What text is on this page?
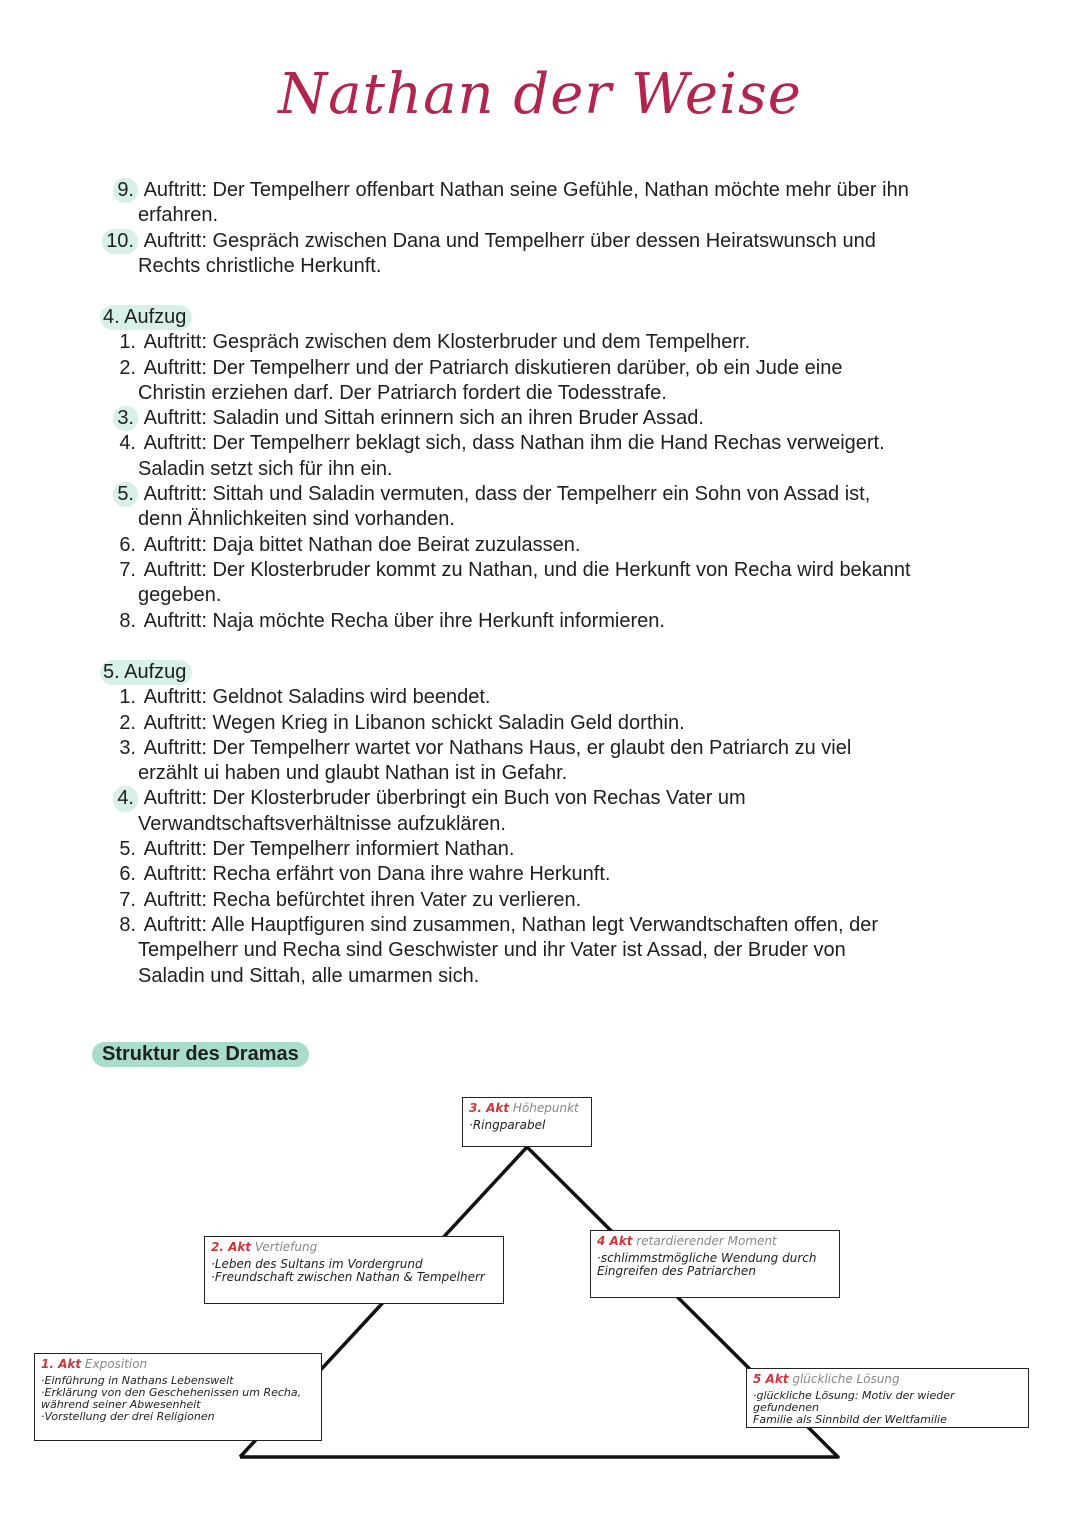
Nathan der Weise
9. Auftritt: Der Tempelherr offenbart Nathan seine Gefühle, Nathan möchte mehr über ihn
erfahren.
10. Auftritt: Gespräch zwischen Dana und Tempelherr über dessen Heiratswunsch und
Rechts christliche Herkunft.
4. Aufzug
1. Auftritt: Gespräch zwischen dem Klosterbruder und dem Tempelherr.
2. Auftritt: Der Tempelherr und der Patriarch diskutieren darüber, ob ein Jude eine
Christin erziehen darf. Der Patriarch fordert die Todesstrafe.
3. Auftritt: Saladin und Sittah erinnern sich an ihren Bruder Assad.
4. Auftritt: Der Tempelherr beklagt sich, dass Nathan ihm die Hand Rechas verweigert.
Saladin setzt sich für ihn ein.
5. Auftritt: Sittah und Saladin vermuten, dass der Tempelherr ein Sohn von Assad ist,
denn Ähnlichkeiten sind vorhanden.
6. Auftritt: Daja bittet Nathan doe Beirat zuzulassen.
7. Auftritt: Der Klosterbruder kommt zu Nathan, und die Herkunft von Recha wird bekannt
gegeben.
8. Auftritt: Naja möchte Recha über ihre Herkunft informieren.
5. Aufzug
1. Auftritt: Geldnot Saladins wird beendet.
2. Auftritt: Wegen Krieg in Libanon schickt Saladin Geld dorthin.
3. Auftritt: Der Tempelherr wartet vor Nathans Haus, er glaubt den Patriarch zu viel
erzählt ui haben und glaubt Nathan ist in Gefahr.
4. Auftritt: Der Klosterbruder überbringt ein Buch von Rechas Vater um
Verwandtschaftsverhältnisse aufzuklären.
5. Auftritt: Der Tempelherr informiert Nathan.
6. Auftritt: Recha erfährt von Dana ihre wahre Herkunft.
7. Auftritt: Recha befürchtet ihren Vater zu verlieren.
8. Auftritt: Alle Hauptfiguren sind zusammen, Nathan legt Verwandtschaften offen, der
Tempelherr und Recha sind Geschwister und ihr Vater ist Assad, der Bruder von
Saladin und Sittah, alle umarmen sich.
Struktur des Dramas
3. Akt Höhepunkt
·Ringparabel
2. Akt Vertiefung
·Leben des Sultans im Vordergrund
·Freundschaft zwischen Nathan & Tempelherr
4 Akt retardierender Moment
·schlimmstmögliche Wendung durch
Eingreifen des Patriarchen
1. Akt Exposition
·Einführung in Nathans Lebenswelt
·Erklärung von den Geschehenissen um Recha,
während seiner Abwesenheit
·Vorstellung der drei Religionen
5 Akt glückliche Lösung
·glückliche Lösung: Motiv der wieder gefundenen
Familie als Sinnbild der Weltfamilie
